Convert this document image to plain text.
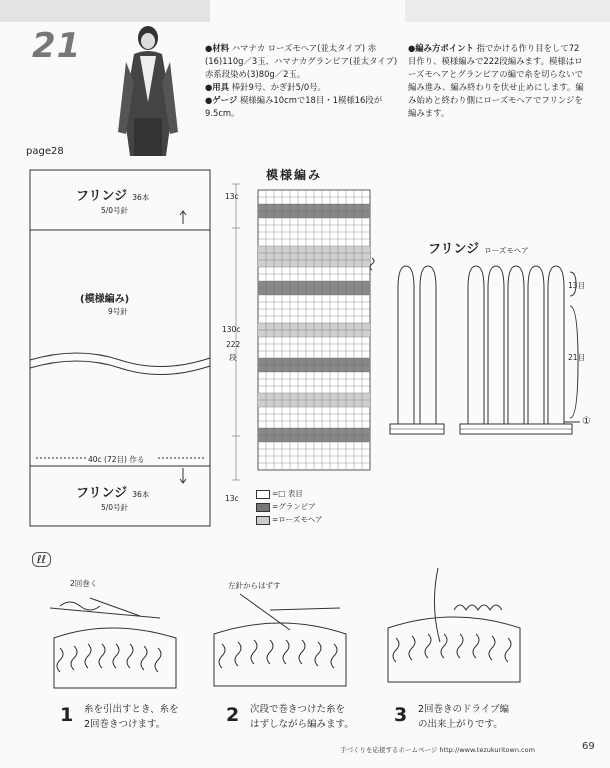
21
page28

●材料 ハマナカ ローズモヘア(並太タイプ) 赤(16)110g／3玉、ハマナカグランピア(並太タイプ) 赤系段染め(3)80g／2玉。

●用具 棒針9号、かぎ針5/0号。

●ゲージ 模様編み10cmで18目・1模様16段が9.5cm。

●編み方ポイント 指でかける作り目をして72目作り、模様編みで222段編みます。模様はローズモヘアとグランピアの編で糸を切らないで編み進み、編み終わりを伏せ止めにします。編み始めと終わり側にローズモヘアでフリンジを編みます。

フリンジ 36本
5/0号針
(模様編み)
9号針
40c (72目) 作る
フリンジ 36本
5/0号針
模様編み
13c
130c
222
段
13c
=□ 表目
=グランピア
=ローズモヘア
フリンジ ローズモヘア
13目
21目
①
ℓℓ
2回巻く	左針からはずす
1 糸を引出すとき、糸を
2回巻きつけます。	2 次段で巻きつけた糸を
はずしながら編みます。 3 2回巻きのドライブ編
の出来上がりです。
手づくりを応援するホームページ http://www.tezukuritown.com	69
